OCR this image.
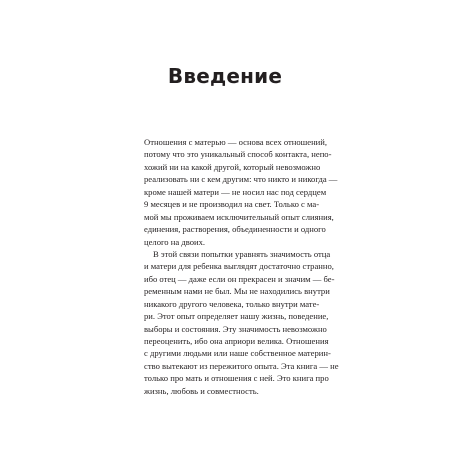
Введение
Отношения с матерью — основа всех отношений,
потому что это уникальный способ контакта, непо-
хожий ни на какой другой, который невозможно
реализовать ни с кем другим: что никто и никогда —
кроме нашей матери — не носил нас под сердцем
9 месяцев и не производил на свет. Только с ма-
мой мы проживаем исключительный опыт слияния,
единения, растворения, объединенности и одного
целого на двоих.
В этой связи попытки уравнять значимость отца
и матери для ребенка выглядят достаточно странно,
ибо отец — даже если он прекрасен и значим — бе-
ременным нами не был. Мы не находились внутри
никакого другого человека, только внутри мате-
ри. Этот опыт определяет нашу жизнь, поведение,
выборы и состояния. Эту значимость невозможно
переоценить, ибо она априори велика. Отношения
с другими людьми или наше собственное материн-
ство вытекают из пережитого опыта. Эта книга — не
только про мать и отношения с ней. Это книга про
жизнь, любовь и совместность.
